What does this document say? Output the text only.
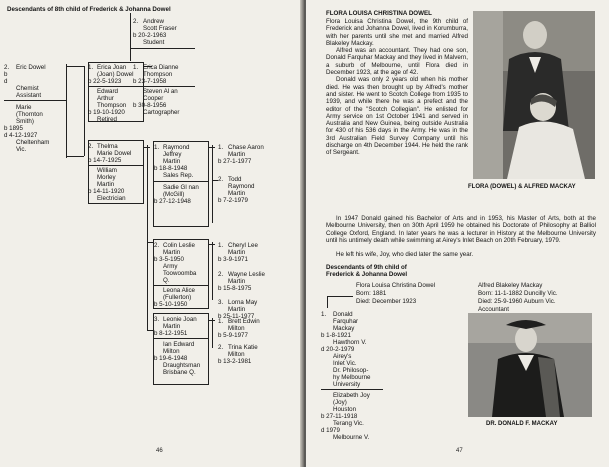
Descendants of 8th child of Frederick & Johanna Dowel
2. Eric Dowel
b
d
Chemist
Assistant
Marie
(Thornton
Smith)
b 1895
d 4-12-1927
Cheltenham
Vic.
1. Erica Joan
(Joan) Dowel
b 22-5-1923
Edward
Arthur
Thompson
b 19-10-1920
Retired
2. Andrew
Scott Fraser
b 20-2-1963
Student
1. Erica Dianne
Thompson
b 23-7-1958
Steven Al an
Cooper
b 30-8-1956
Cartographer
2. Thelma
Marie Dowel
b 14-7-1925
William
Morley
Martin
b 14-11-1920
Electrician
1. Raymond
Jeffrey
Martin
b 18-8-1948
Sales Rep.
Sadie Gl nan
(McGill)
b 27-12-1948
1. Chase Aaron
Martin
b 27-1-1977
2. Todd
Raymond
Martin
b 7-2-1979
2. Colin Leslie
Martin
b 3-5-1950
Army
Toowoomba
Q.
Leona Alice
(Fullerton)
b 5-10-1950
1. Cheryl Lee
Martin
b 3-9-1971
2. Wayne Leslie
Martin
b 15-8-1975
3. Lorna May
Martin
b 25-11-1977
3. Leonie Joan
Martin
b 8-12-1951
Ian Edward
Milton
b 19-6-1948
Draughtsman
Brisbane Q.
1. Brett Edwin
Milton
b 5-9-1977
2. Trina Katie
Milton
b 13-2-1981
46
FLORA LOUISA CHRISTINA DOWEL
Flora Louisa Christina Dowel, the 9th child of Frederick and Johanna Dowel, lived in Korumburra, with her parents until she met and married Alfred Blakeley Mackay.
Alfred was an accountant. They had one son, Donald Farquhar Mackay and they lived in Malvern, a suburb of Melbourne, until Flora died in December 1923, at the age of 42.
Donald was only 2 years old when his mother died. He was then brought up by Alfred's mother and sister. He went to Scotch College from 1935 to 1939, and while there he was a prefect and the editor of the "Scotch Collegian". He enlisted for Army service on 1st October 1941 and served in Australia and New Guinea, being outside Australia for 430 of his 536 days in the Army. He was in the 3rd Australian Field Survey Company until his discharge on 4th December 1944. He held the rank of Sergeant.
In 1947 Donald gained his Bachelor of Arts and in 1953, his Master of Arts, both at the Melbourne University, then on 30th April 1959 he obtained his Doctorate of Philosophy at Balliol College Oxford, England. In later years he was a lecturer in History at the Melbourne University until his untimely death while swimming at Airey's Inlet Beach on 20th February, 1979.
He left his wife, Joy, who died later the same year.
FLORA (DOWEL) & ALFRED MACKAY
Descendants of 9th child of
Frederick & Johanna Dowel
Flora Louisa Christina Dowel
Born: 1881
Died: December 1923
Alfred Blakeley Mackay
Born: 11-1-1882 Duncilly Vic.
Died: 25-9-1960 Auburn Vic.
Accountant
1. Donald
Farquhar
Mackay
b 1-8-1921
Hawthorn V.
d 20-2-1979
Airey's
Inlet Vic.
Dr. Philosop-
hy Melbourne
University
Elizabeth Joy
(Joy)
Houston
b 27-11-1918
Terang Vic.
d 1979
Melbourne V.
DR. DONALD F. MACKAY
47
